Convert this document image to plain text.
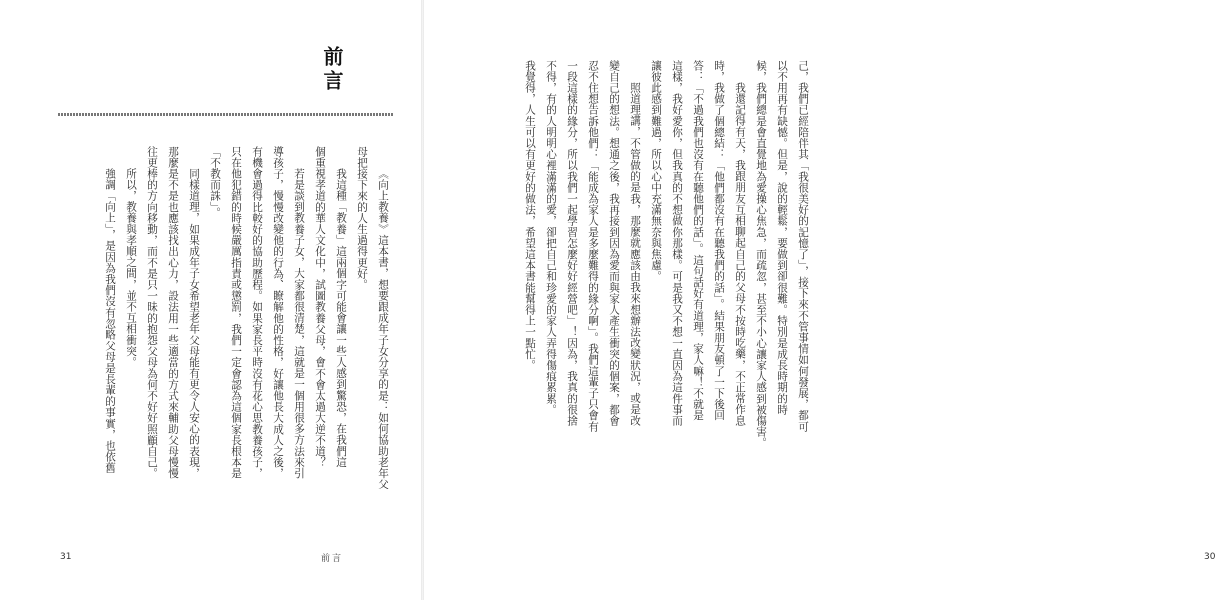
前言
《向上教養》這本書，想要跟成年子女分享的是：如何協助老年父
母把接下來的人生過得更好。
我這種「教養」這兩個字可能會讓一些人感到驚恐，在我們這
個重視孝道的華人文化中，試圖教養父母，會不會太過大逆不道？
若是談到教養子女，大家都很清楚，這就是一個用很多方法來引
導孩子，慢慢改變他的行為、瞭解他的性格，好讓他長大成人之後，
有機會過得比較好的協助歷程。如果家長平時沒有花心思教養孩子，
只在他犯錯的時候嚴厲指責或懲罰，我們一定會認為這個家長根本是
「不教而誅」。
同樣道理，如果成年子女希望老年父母能有更令人安心的表現，
那麼是不是也應該找出心力，設法用一些適當的方式來輔助父母慢慢
往更棒的方向移動，而不是只一昧的抱怨父母為何不好好照顧自己。
所以，教養與孝順之間，並不互相衝突。
強調「向上」，是因為我們沒有忽略父母是長輩的事實，也依舊
31	前言
己，我們已經陪伴其「我很美好的記憶了」，接下來不管事情如何發展，都可
以不用再有缺憾。但是，說的輕鬆，要做到卻很難。特別是成長時期的時
候，我們總是會直覺地為愛操心焦急，而疏忽，甚至不小心讓家人感到被傷害。
我還記得有天，我跟朋友互相聊起自己的父母不按時吃藥，不正常作息
時，我做了個總結：「他們都沒有在聽我們的話」。結果朋友頓了一下後回
答：「不過我們也沒有在聽他們的話」。這句話好有道理，家人嘛！不就是
這樣，我好愛你，但我真的不想做你那樣。可是我又不想一直因為這件事而
讓彼此感到難過，所以心中充滿無奈與焦慮。
照道理講，不管做的是我，那麼就應該由我來想辦法改變狀況，或是改
變自己的想法。想通之後，我再接到因為愛而與家人產生衝突的個案，都會
忍不住想告訴他們：「能成為家人是多麼難得的緣分啊」。我們這輩子只會有
一段這樣的緣分，所以我們一起學習怎麼好好經營吧」！因為，我真的很捨
不得，有的人明明心裡滿滿的愛，卻把自己和珍愛的家人弄得傷痕累累。
我覺得，人生可以有更好的做法，希望這本書能幫得上一點忙。
30
